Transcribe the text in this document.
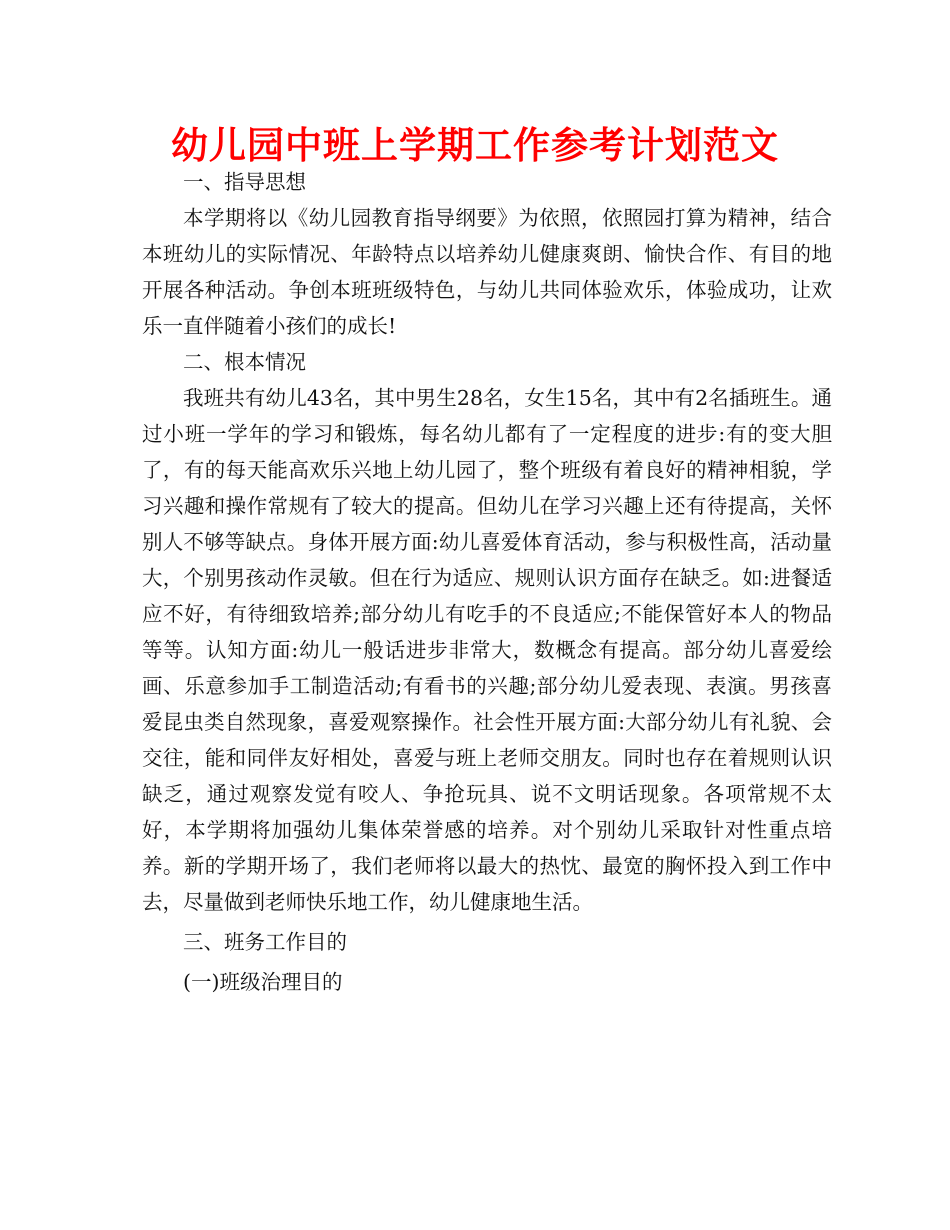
幼儿园中班上学期工作参考计划范文
一、指导思想
本学期将以《幼儿园教育指导纲要》为依照，依照园打算为精神，结合本班幼儿的实际情况、年龄特点以培养幼儿健康爽朗、愉快合作、有目的地开展各种活动。争创本班班级特色，与幼儿共同体验欢乐，体验成功，让欢乐一直伴随着小孩们的成长!
二、根本情况
我班共有幼儿43名，其中男生28名，女生15名，其中有2名插班生。通过小班一学年的学习和锻炼，每名幼儿都有了一定程度的进步:有的变大胆了，有的每天能高欢乐兴地上幼儿园了，整个班级有着良好的精神相貌，学习兴趣和操作常规有了较大的提高。但幼儿在学习兴趣上还有待提高，关怀别人不够等缺点。身体开展方面:幼儿喜爱体育活动，参与积极性高，活动量大，个别男孩动作灵敏。但在行为适应、规则认识方面存在缺乏。如:进餐适应不好，有待细致培养;部分幼儿有吃手的不良适应;不能保管好本人的物品等等。认知方面:幼儿一般话进步非常大，数概念有提高。部分幼儿喜爱绘画、乐意参加手工制造活动;有看书的兴趣;部分幼儿爱表现、表演。男孩喜爱昆虫类自然现象，喜爱观察操作。社会性开展方面:大部分幼儿有礼貌、会交往，能和同伴友好相处，喜爱与班上老师交朋友。同时也存在着规则认识缺乏，通过观察发觉有咬人、争抢玩具、说不文明话现象。各项常规不太好，本学期将加强幼儿集体荣誉感的培养。对个别幼儿采取针对性重点培养。新的学期开场了，我们老师将以最大的热忱、最宽的胸怀投入到工作中去，尽量做到老师快乐地工作，幼儿健康地生活。
三、班务工作目的
(一)班级治理目的
